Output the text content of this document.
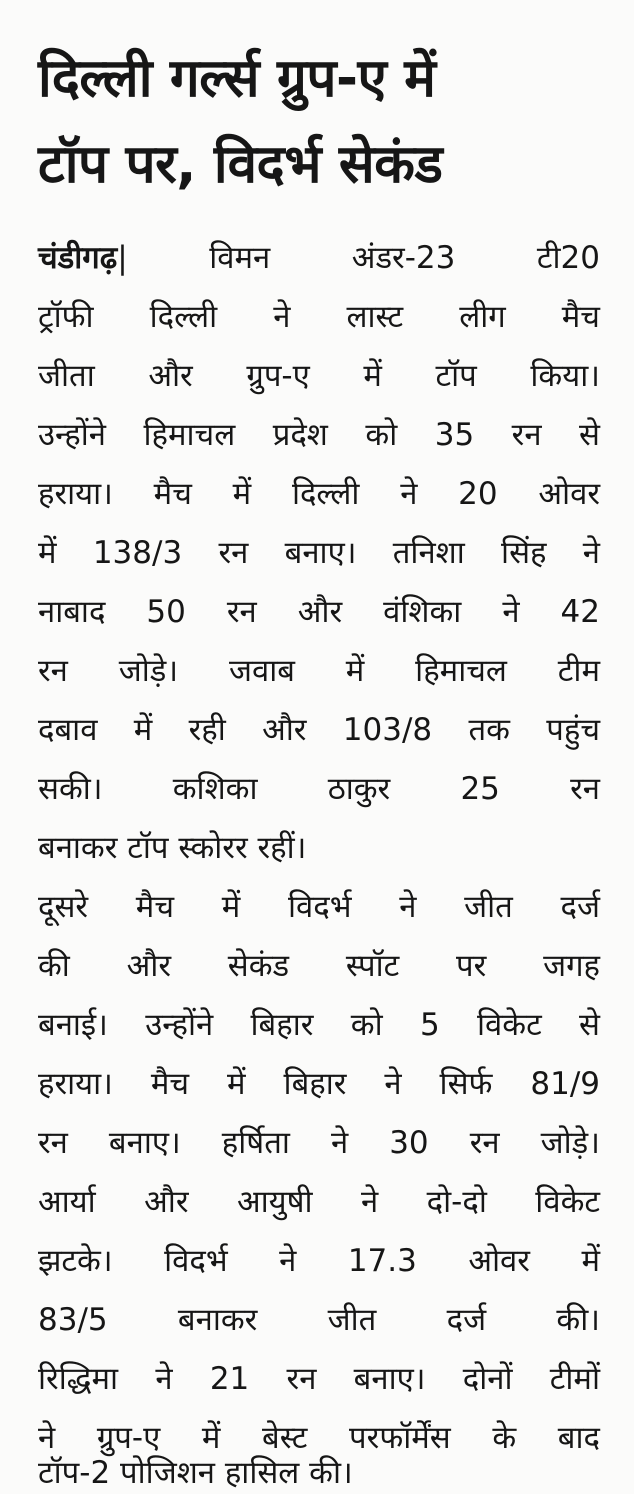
दिल्ली गर्ल्स ग्रुप-ए में
टॉप पर, विदर्भ सेकंड
चंडीगढ़| विमन अंडर-23 टी20
ट्रॉफी दिल्ली ने लास्ट लीग मैच
जीता और ग्रुप-ए में टॉप किया।
उन्होंने हिमाचल प्रदेश को 35 रन से
हराया। मैच में दिल्ली ने 20 ओवर
में 138/3 रन बनाए। तनिशा सिंह ने
नाबाद 50 रन और वंशिका ने 42
रन जोड़े। जवाब में हिमाचल टीम
दबाव में रही और 103/8 तक पहुंच
सकी। कशिका ठाकुर 25 रन
बनाकर टॉप स्कोरर रहीं।
दूसरे मैच में विदर्भ ने जीत दर्ज
की और सेकंड स्पॉट पर जगह
बनाई। उन्होंने बिहार को 5 विकेट से
हराया। मैच में बिहार ने सिर्फ 81/9
रन बनाए। हर्षिता ने 30 रन जोड़े।
आर्या और आयुषी ने दो-दो विकेट
झटके। विदर्भ ने 17.3 ओवर में
83/5 बनाकर जीत दर्ज की।
रिद्धिमा ने 21 रन बनाए। दोनों टीमों
ने ग्रुप-ए में बेस्ट परफॉर्मेंस के बाद
टॉप-2 पोजिशन हासिल की।
